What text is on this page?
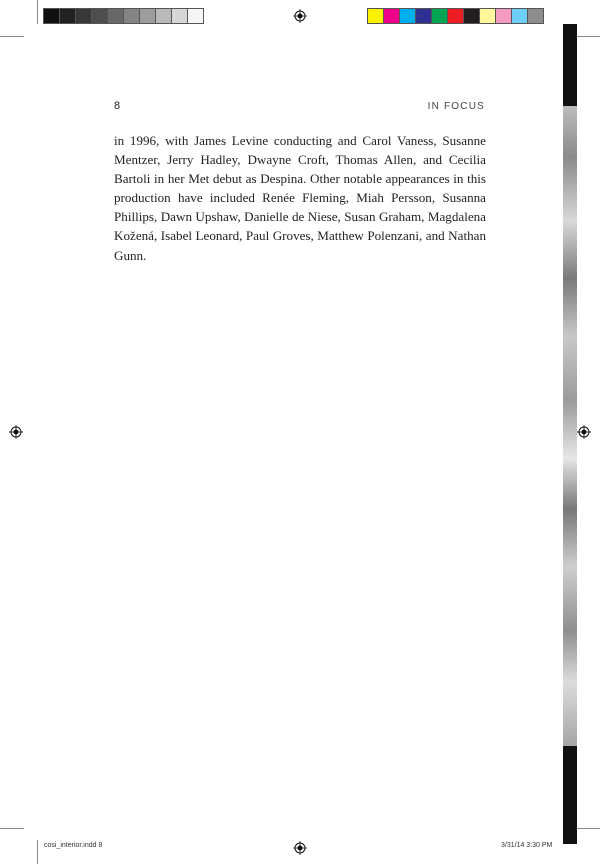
8	IN FOCUS

in 1996, with James Levine conducting and Carol Vaness, Susanne Mentzer, Jerry Hadley, Dwayne Croft, Thomas Allen, and Cecilia Bartoli in her Met debut as Despina. Other notable appearances in this production have included Renée Fleming, Miah Persson, Susanna Phillips, Dawn Upshaw, Danielle de Niese, Susan Graham, Magdalena Kožená, Isabel Leonard, Paul Groves, Matthew Polenzani, and Nathan Gunn.

cosi_interior.indd 8	3/31/14 3:30 PM
